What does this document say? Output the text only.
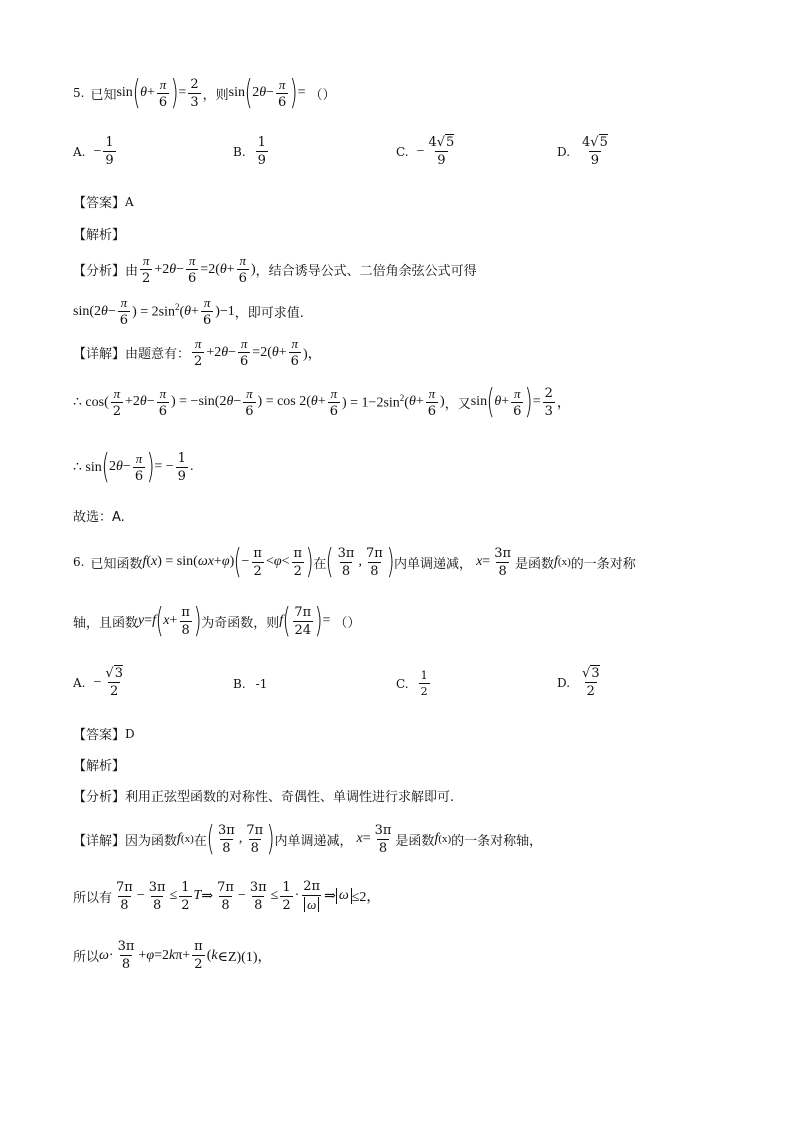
5. 已知 sin ( $\theta + \frac{\pi}{6}$ ) = $\frac{2}{3}$ ，则 sin ( 2 $\theta - \frac{\pi}{6}$ ) = （）
A. − $\frac{1}{9}$	B. $\frac{1}{9}$	C. − $\frac{4√5}{9}$	D. $\frac{4√5}{9}$
【答案】 A
【解析】
【分析】 由 $\frac{\pi}{2} +2$ $\theta - \frac{\pi}{6} =2$( $\theta + \frac{\pi}{6}$ ) ，结合诱导公式、二倍角余弦公式可得
sin(2 $\theta - \frac{\pi}{6}$ ) = $2\sin^2$( $\theta + \frac{\pi}{6} )-1$ ，即可求值.
【详解】 由题意有： $\frac{\pi}{2} +2$ $\theta - \frac{\pi}{6} =2$( $\theta + \frac{\pi}{6}$ )，
∴ $\cos( \frac{\pi}{2} +2$ $\theta - \frac{\pi}{6}$ ) = −sin(2 $\theta - \frac{\pi}{6}$ ) = cos 2( $\theta + \frac{\pi}{6}$ ) = $1-2\sin^2$( $\theta + \frac{\pi}{6}$ ) ，又 sin ( $\theta + \frac{\pi}{6}$ ) = $\frac{2}{3}$ ，
∴ sin ( 2 $\theta - \frac{\pi}{6}$ ) = − $\frac{1}{9}$ .
故选：A.
6. 已知函数 f ( x ) = sin( ωx + φ ) ( − $\frac{\pi}{2} < \varphi < \frac{\pi}{2}$ ) 在 ( $\frac{3\pi}{8}$ , $\frac{7\pi}{8}$ ) 内单调递减， $x = \frac{3\pi}{8}$ 是函数 f (x) 的一条对称
轴，且函数 y = f ( $x + \frac{\pi}{8}$ ) 为奇函数，则 f ( $\frac{7\pi}{24}$ ) = （）
A. − $\frac{√3}{2}$	B. -1	C. $\frac{1}{2}$	D. $\frac{√3}{2}$
【答案】 D
【解析】
【分析】 利用正弦型函数的对称性、奇偶性、单调性进行求解即可.
【详解】 因为函数 f (x) 在 ( $\frac{3\pi}{8}$ , $\frac{7\pi}{8}$ ) 内单调递减， $x = \frac{3\pi}{8}$ 是函数 f (x) 的一条对称轴，
所以有 $\frac{7\pi}{8} - \frac{3\pi}{8} \le \frac{1}{2}$ T ⇒ $\frac{7\pi}{8} - \frac{3\pi}{8} \le \frac{1}{2} \cdot \frac{2\pi}{\omega}$ ⇒ ω ≤2，
所以 $\omega \cdot \frac{3\pi}{8} + \varphi =2$ k $\pi+ \frac{\pi}{2}$ ( k ∈Z)(1)，
